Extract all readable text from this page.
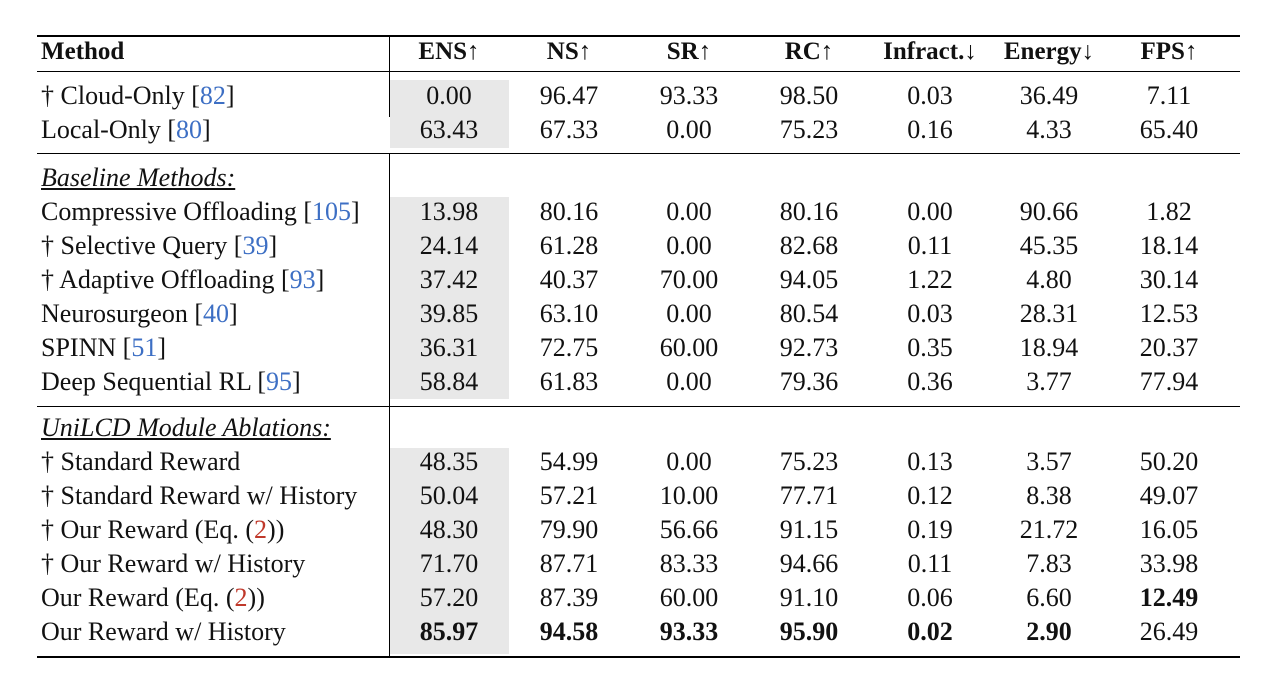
Method	ENS↑	NS↑	SR↑	RC↑	Infract.↓	Energy↓	FPS↑
† Cloud-Only [82]	0.00	96.47	93.33	98.50	0.03	36.49	7.11
Local-Only [80]	63.43	67.33	0.00	75.23	0.16	4.33	65.40
Baseline Methods:
Compressive Offloading [105]	13.98	80.16	0.00	80.16	0.00	90.66	1.82
† Selective Query [39]	24.14	61.28	0.00	82.68	0.11	45.35	18.14
† Adaptive Offloading [93]	37.42	40.37	70.00	94.05	1.22	4.80	30.14
Neurosurgeon [40]	39.85	63.10	0.00	80.54	0.03	28.31	12.53
SPINN [51]	36.31	72.75	60.00	92.73	0.35	18.94	20.37
Deep Sequential RL [95]	58.84	61.83	0.00	79.36	0.36	3.77	77.94
UniLCD Module Ablations:
† Standard Reward	48.35	54.99	0.00	75.23	0.13	3.57	50.20
† Standard Reward w/ History	50.04	57.21	10.00	77.71	0.12	8.38	49.07
† Our Reward (Eq. (2))	48.30	79.90	56.66	91.15	0.19	21.72	16.05
† Our Reward w/ History	71.70	87.71	83.33	94.66	0.11	7.83	33.98
Our Reward (Eq. (2))	57.20	87.39	60.00	91.10	0.06	6.60	12.49
Our Reward w/ History	85.97	94.58	93.33	95.90	0.02	2.90	26.49
